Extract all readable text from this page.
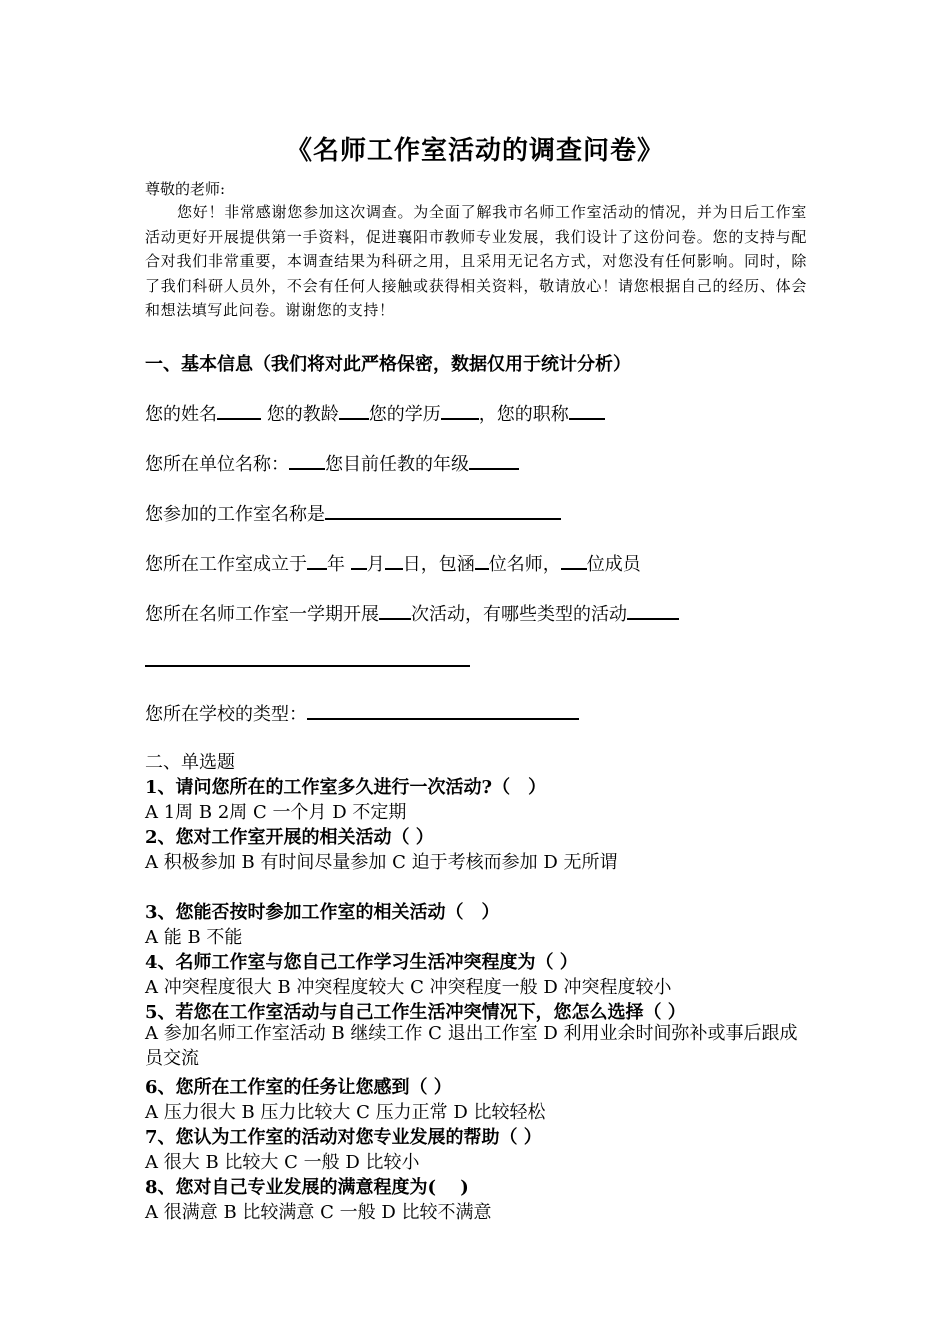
《名师工作室活动的调查问卷》
尊敬的老师:
您好！非常感谢您参加这次调查。为全面了解我市名师工作室活动的情况，并为日后工作室活动更好开展提供第一手资料，促进襄阳市教师专业发展，我们设计了这份问卷。您的支持与配合对我们非常重要，本调查结果为科研之用，且采用无记名方式，对您没有任何影响。同时，除了我们科研人员外，不会有任何人接触或获得相关资料，敬请放心！请您根据自己的经历、体会和想法填写此问卷。谢谢您的支持！
一、基本信息（我们将对此严格保密，数据仅用于统计分析）
您的姓名 您的教龄 您的学历 ，您的职称
您所在单位名称： 您目前任教的年级
您参加的工作室名称是
您所在工作室成立于 年 月 日，包涵 位名师， 位成员
您所在名师工作室一学期开展 次活动，有哪些类型的活动
您所在学校的类型：
二、单选题
1、请问您所在的工作室多久进行一次活动?（　）
A 1周 B 2周 C 一个月 D 不定期
2、您对工作室开展的相关活动（ ）
A 积极参加 B 有时间尽量参加 C 迫于考核而参加 D 无所谓
3、您能否按时参加工作室的相关活动（　）
A 能 B 不能
4、名师工作室与您自己工作学习生活冲突程度为（ ）
A 冲突程度很大 B 冲突程度较大 C 冲突程度一般 D 冲突程度较小
5、若您在工作室活动与自己工作生活冲突情况下，您怎么选择（ ）
A 参加名师工作室活动 B 继续工作 C 退出工作室 D 利用业余时间弥补或事后跟成员交流
6、您所在工作室的任务让您感到（ ）
A 压力很大 B 压力比较大 C 压力正常 D 比较轻松
7、您认为工作室的活动对您专业发展的帮助（ ）
A 很大 B 比较大 C 一般 D 比较小
8、您对自己专业发展的满意程度为(　 )
A 很满意 B 比较满意 C 一般 D 比较不满意
